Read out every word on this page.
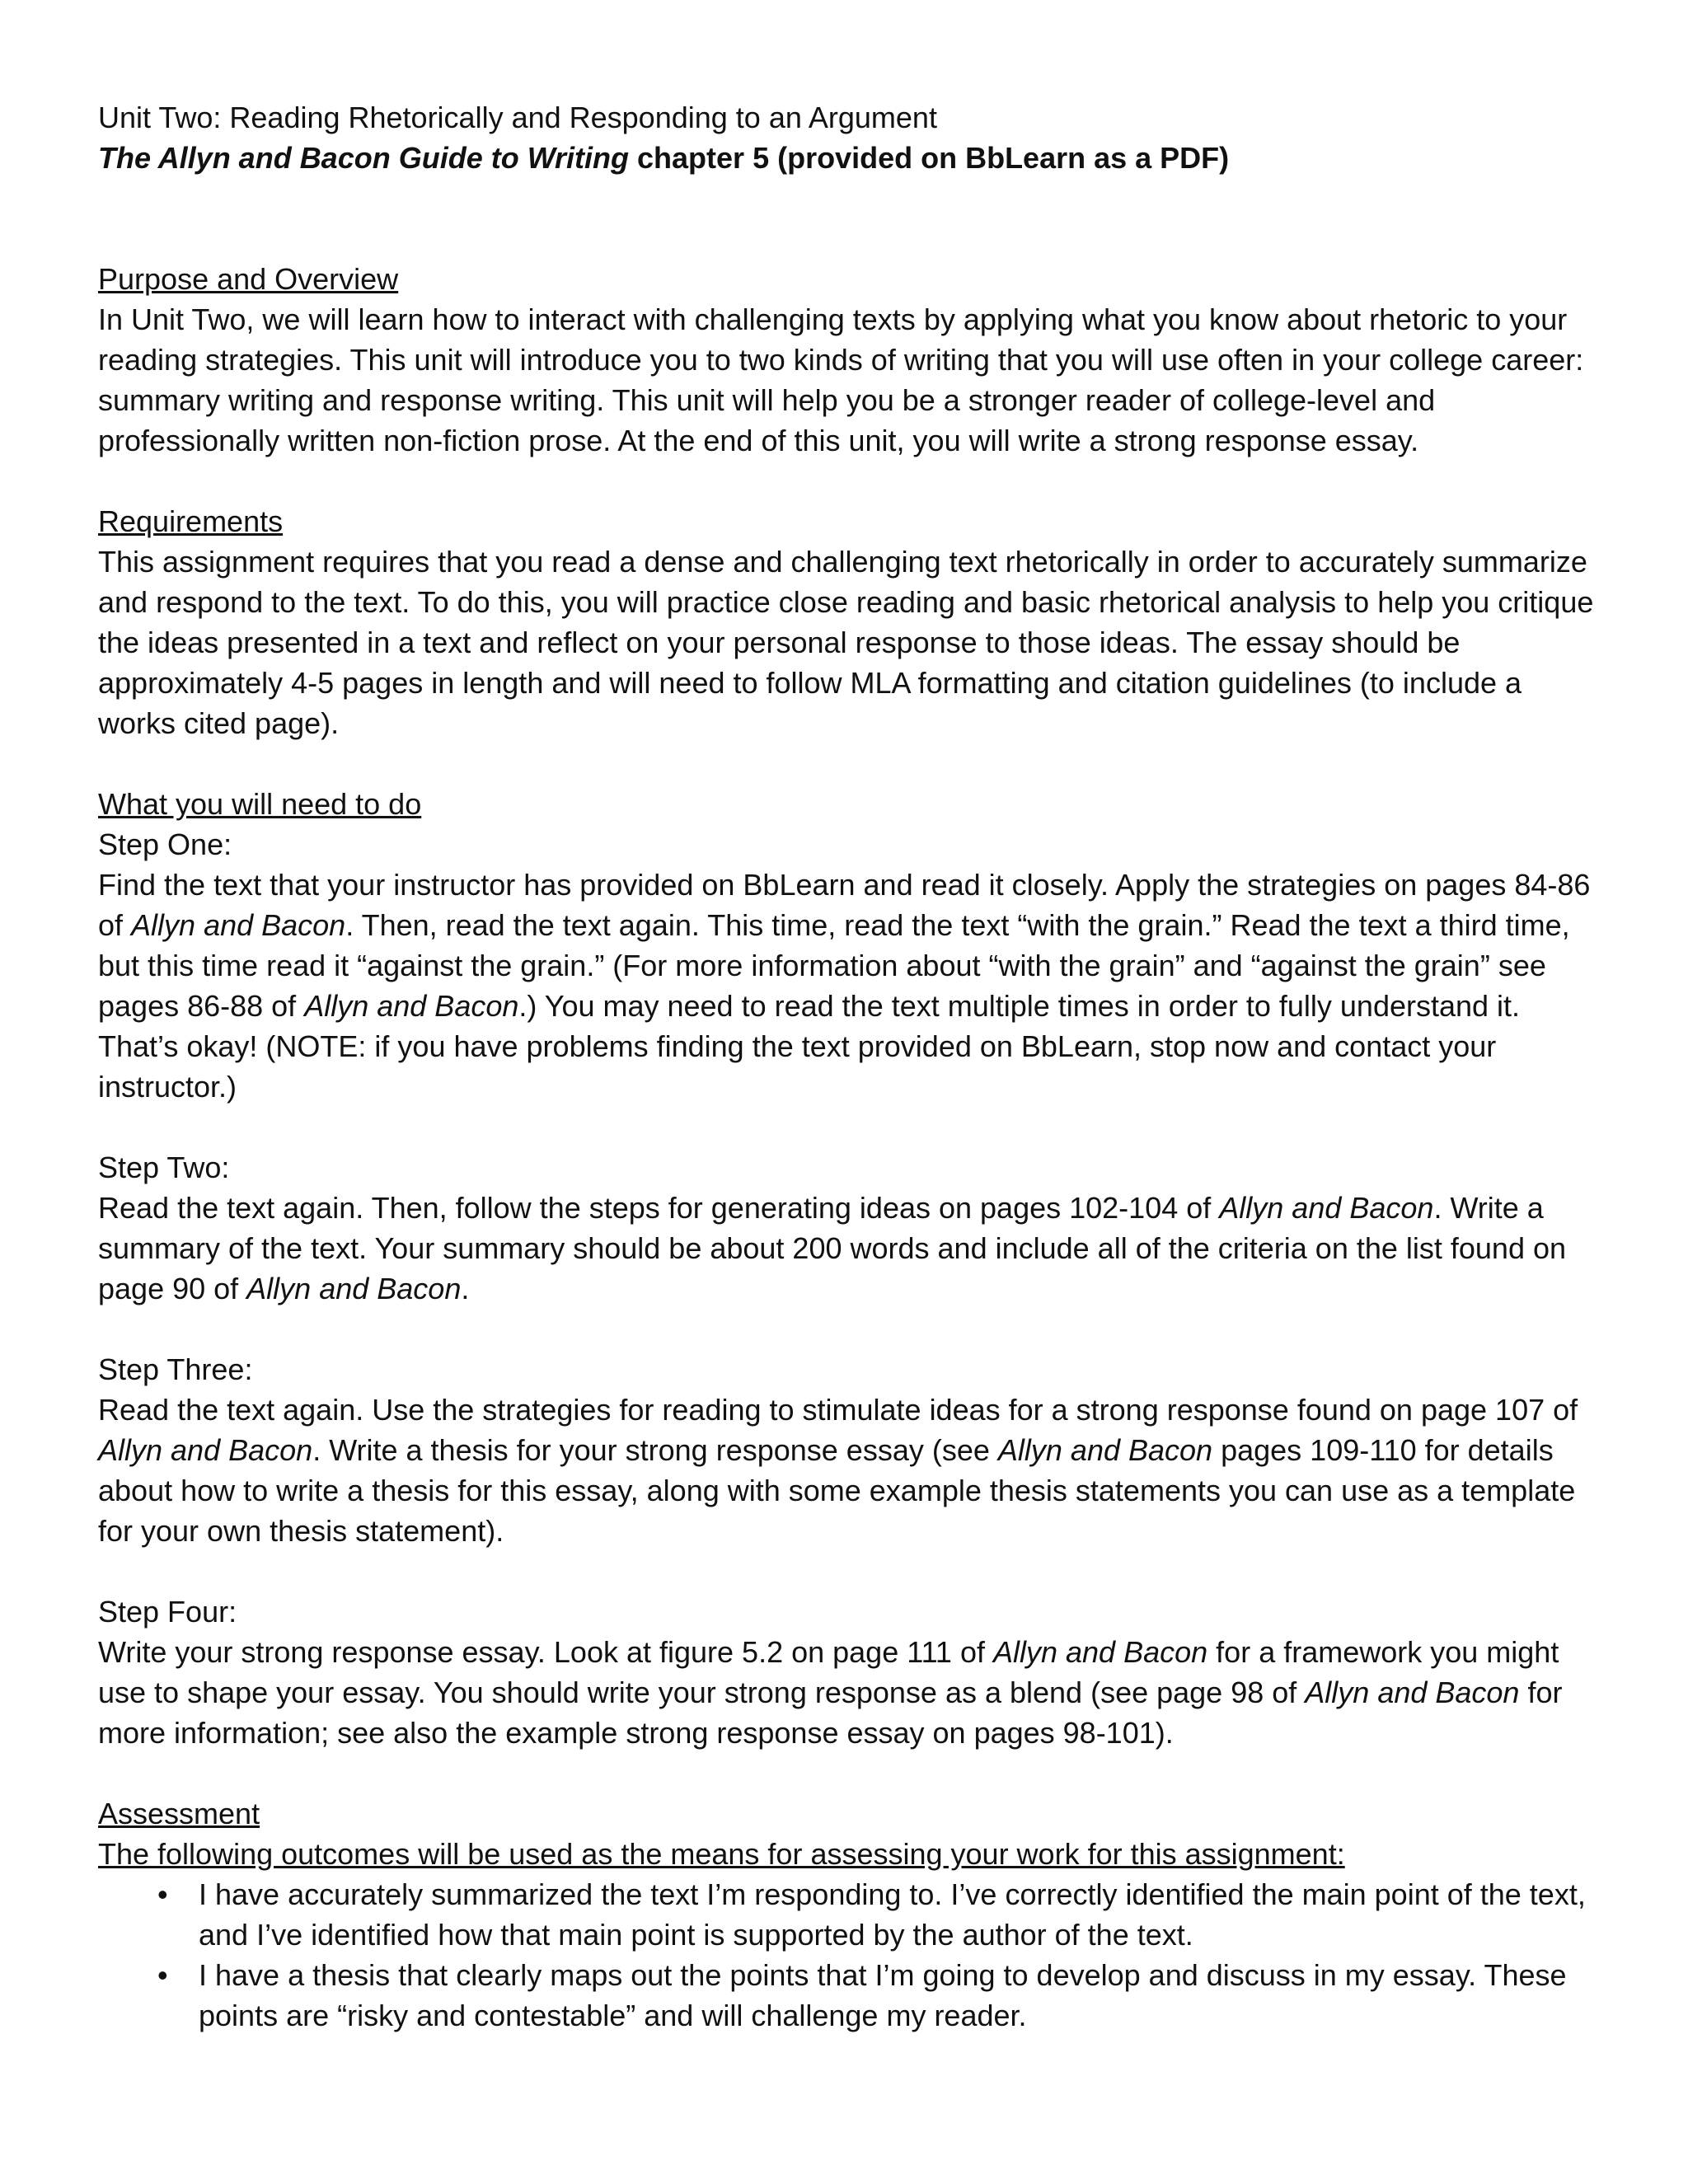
Unit Two: Reading Rhetorically and Responding to an Argument

The Allyn and Bacon Guide to Writing chapter 5 (provided on BbLearn as a PDF)

Purpose and Overview

In Unit Two, we will learn how to interact with challenging texts by applying what you know about rhetoric to your reading strategies. This unit will introduce you to two kinds of writing that you will use often in your college career: summary writing and response writing. This unit will help you be a stronger reader of college-level and professionally written non-fiction prose. At the end of this unit, you will write a strong response essay.

Requirements

This assignment requires that you read a dense and challenging text rhetorically in order to accurately summarize and respond to the text. To do this, you will practice close reading and basic rhetorical analysis to help you critique the ideas presented in a text and reflect on your personal response to those ideas. The essay should be approximately 4-5 pages in length and will need to follow MLA formatting and citation guidelines (to include a works cited page).

What you will need to do

Step One:

Find the text that your instructor has provided on BbLearn and read it closely. Apply the strategies on pages 84-86 of Allyn and Bacon. Then, read the text again. This time, read the text “with the grain.” Read the text a third time, but this time read it “against the grain.” (For more information about “with the grain” and “against the grain” see pages 86-88 of Allyn and Bacon.) You may need to read the text multiple times in order to fully understand it. That’s okay! (NOTE: if you have problems finding the text provided on BbLearn, stop now and contact your instructor.)

Step Two:

Read the text again. Then, follow the steps for generating ideas on pages 102-104 of Allyn and Bacon. Write a summary of the text. Your summary should be about 200 words and include all of the criteria on the list found on page 90 of Allyn and Bacon.

Step Three:

Read the text again. Use the strategies for reading to stimulate ideas for a strong response found on page 107 of Allyn and Bacon. Write a thesis for your strong response essay (see Allyn and Bacon pages 109-110 for details about how to write a thesis for this essay, along with some example thesis statements you can use as a template for your own thesis statement).

Step Four:

Write your strong response essay. Look at figure 5.2 on page 111 of Allyn and Bacon for a framework you might use to shape your essay. You should write your strong response as a blend (see page 98 of Allyn and Bacon for more information; see also the example strong response essay on pages 98-101).

Assessment

The following outcomes will be used as the means for assessing your work for this assignment:

• I have accurately summarized the text I’m responding to. I’ve correctly identified the main point of the text, and I’ve identified how that main point is supported by the author of the text.
• I have a thesis that clearly maps out the points that I’m going to develop and discuss in my essay. These points are “risky and contestable” and will challenge my reader.
